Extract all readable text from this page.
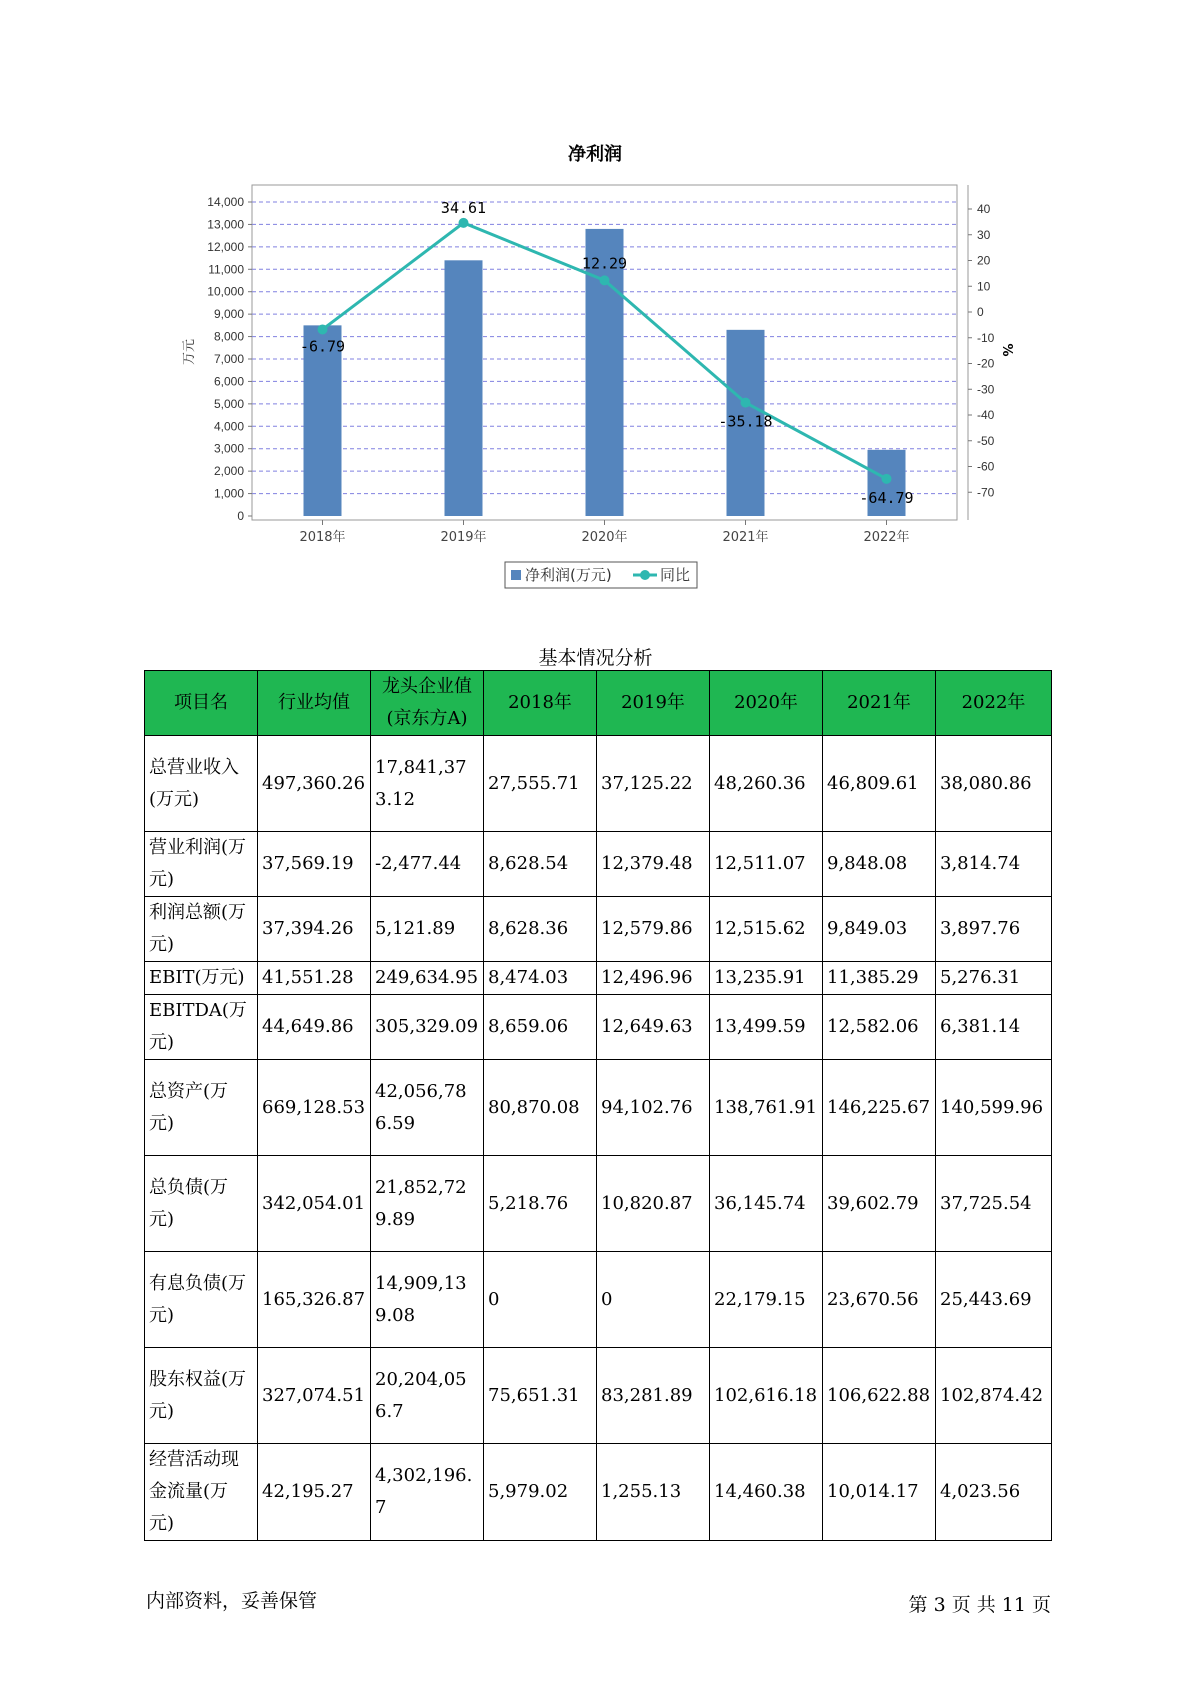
0
1,000
2,000
3,000
4,000
5,000
6,000
7,000
8,000
9,000
10,000
11,000
12,000
13,000
14,000	40
30
20
10
0
-10
-20
-30
-40
-50
-60
-70
净利润
万元	%
2018年	2019年	2020年	2021年	2022年
-6.79
34.61
12.29
-35.18
-64.79
净利润(万元)	同比
基本情况分析
项目名	行业均值	龙头企业值(京东方A)	2018年	2019年	2020年	2021年	2022年
总营业收入(万元)	497,360.26	17,841,373.12	27,555.71	37,125.22	48,260.36	46,809.61	38,080.86
营业利润(万元)	37,569.19	-2,477.44	8,628.54	12,379.48	12,511.07	9,848.08	3,814.74
利润总额(万元)	37,394.26	5,121.89	8,628.36	12,579.86	12,515.62	9,849.03	3,897.76
EBIT(万元)	41,551.28	249,634.95	8,474.03	12,496.96	13,235.91	11,385.29	5,276.31
EBITDA(万元)	44,649.86	305,329.09	8,659.06	12,649.63	13,499.59	12,582.06	6,381.14
总资产(万元)	669,128.53	42,056,786.59	80,870.08	94,102.76	138,761.91	146,225.67	140,599.96
总负债(万元)	342,054.01	21,852,729.89	5,218.76	10,820.87	36,145.74	39,602.79	37,725.54
有息负债(万元)	165,326.87	14,909,139.08	0	0	22,179.15	23,670.56	25,443.69
股东权益(万元)	327,074.51	20,204,056.7	75,651.31	83,281.89	102,616.18	106,622.88	102,874.42
经营活动现金流量(万元)	42,195.27	4,302,196.7	5,979.02	1,255.13	14,460.38	10,014.17	4,023.56
内部资料，妥善保管	第 3 页 共 11 页
